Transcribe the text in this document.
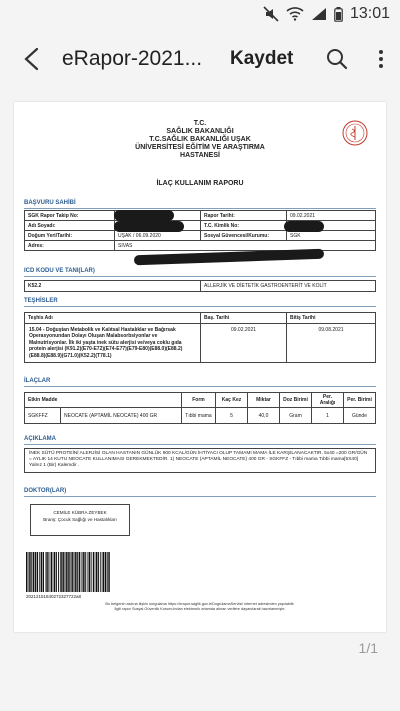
13:01
eRapor-2021...	Kaydet
T.C.
SAĞLIK BAKANLIĞI
T.C.SAĞLIK BAKANLIĞI UŞAK
ÜNİVERSİTESİ EĞİTİM VE ARAŞTIRMA
HASTANESİ
İLAÇ KULLANIM RAPORU
BAŞVURU SAHİBİ
SGK Rapor Takip No:		Rapor Tarihi:	09.02.2021
Adı Soyadı:		T.C. Kimlik No:	
Doğum Yeri/Tarihi:	UŞAK / 06.09.2020	Sosyal Güvencesi/Kurumu:	SGK
Adres:	SIVAS		
ICD KODU VE TANI(LAR)
K52.2	ALLERJİK VE DİETETİK GASTROENTERİT VE KOLİT
TEŞHİSLER
Teşhis Adı	Baş. Tarihi	Bitiş Tarihi
15.04 - Doğuştan Metabolik ve Kalıtsal Hastalıklar ve Bağırsak Operasyonundan Dolayı Oluşan Malabsorbsiyonlar ve Malnutrisyonlar. İlk iki yaşta inek sütu alerjisi ve/veya coklu gıda protein alerjisi (K91.2)(E70-E72)(E74-E77)(E79-E80)(E88.0)(E88.2)(E88.8)(E88.9)(G71.0)(K52.2)(T78.1)	09.02.2021	09.08.2021
İLAÇLAR
Etkin Madde		Form	Kaç Kez	Miktar	Doz Birimi	Per. Aralığı	Per. Birimi
SGKFFZ	NEOCATE (APTAMİL NEOCATE) 400 GR	Tıbbi mama	5	40,0	Gram	1	Günde
AÇIKLAMA
İNEK SÜTÜ PROTEİNİ ALERJİSİ OLAN HASTANIN GÜNLÜK 900 KCAL/GÜN İHTİYACI OLUP TAMAMI MAMA İLE KARŞILANACAKTIR. 5x40 =200 GR/GÜN = AYLIK 14 KUTU NEOCATE KULLANIMASI GEREKMEKTEDİR. 1) NEOCATE (APTAMİL NEOCATE) 400 GR - SGKFFZ - Tıbbi mama Tıbbi mama[5X40] Yalnız 1 (Bir) Kalemdir .
DOKTOR(LAR)
CEMİLE KÜBRA ZEYBEK
Branş: Çocuk Sağlığı ve Hastalıkları
20212151840272327722a8
Bu belgenin asılına ilişkin sorgulama https://erapor.saglik.gov.tr/DogrulamaServisi/ internet adresinden yapılabilir.
İlgili rapor Sosyal Güvenlik Kurumu'ndan elektronik ortamda alınan verilere dayanılarak hazırlanmıştır.
1/1
